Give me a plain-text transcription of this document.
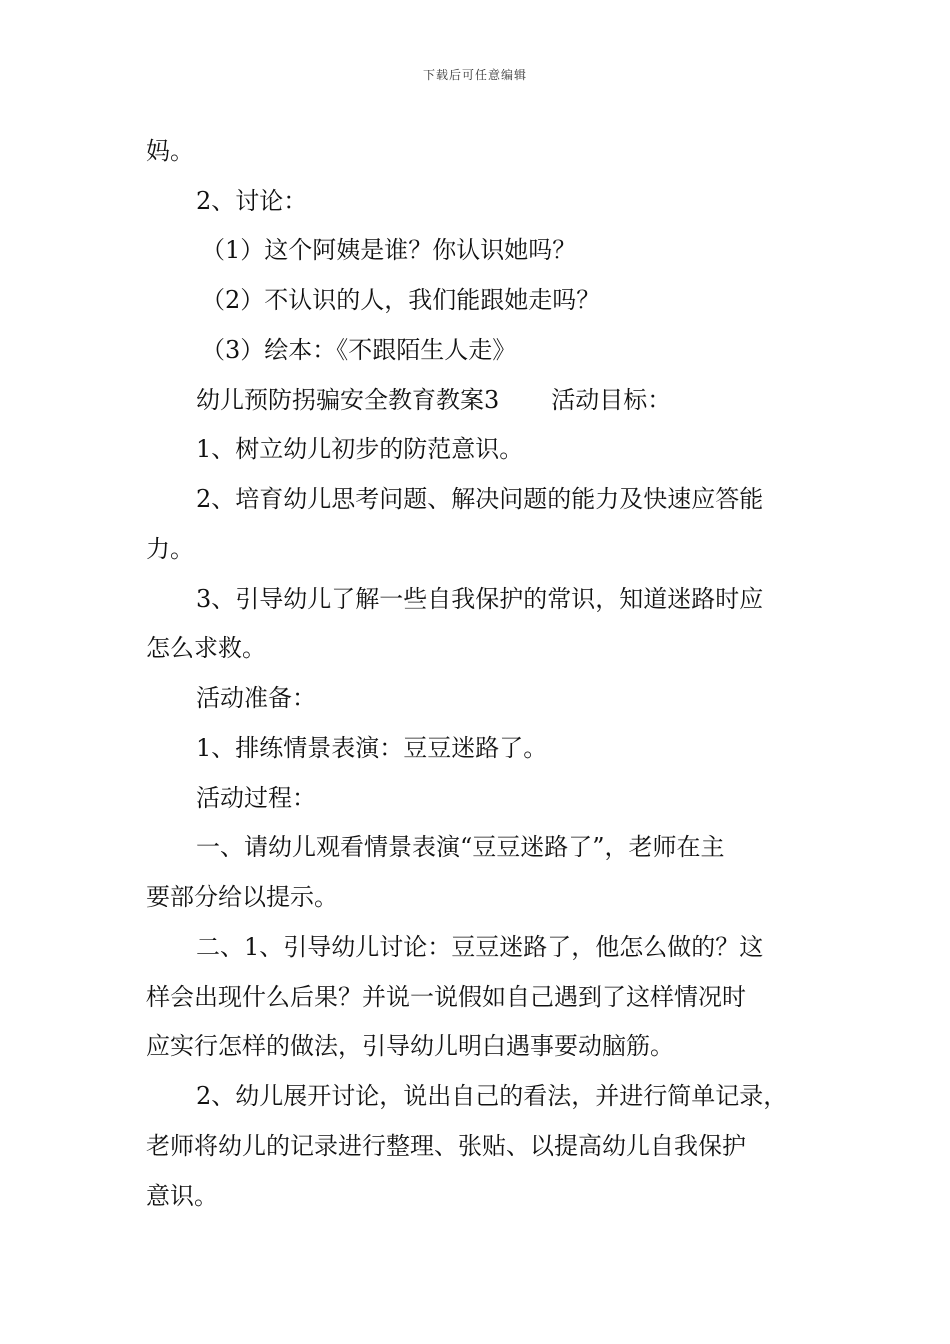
下载后可任意编辑
妈。
2、讨论：
（1）这个阿姨是谁？你认识她吗？
（2）不认识的人，我们能跟她走吗？
（3）绘本：《不跟陌生人走》
幼儿预防拐骗安全教育教案3 活动目标：
1、树立幼儿初步的防范意识。
2、培育幼儿思考问题、解决问题的能力及快速应答能
力。
3、引导幼儿了解一些自我保护的常识，知道迷路时应
怎么求救。
活动准备：
1、排练情景表演：豆豆迷路了。
活动过程：
一、请幼儿观看情景表演“豆豆迷路了”，老师在主
要部分给以提示。
二、1、引导幼儿讨论：豆豆迷路了，他怎么做的？这
样会出现什么后果？并说一说假如自己遇到了这样情况时
应实行怎样的做法，引导幼儿明白遇事要动脑筋。
2、幼儿展开讨论，说出自己的看法，并进行简单记录，
老师将幼儿的记录进行整理、张贴、以提高幼儿自我保护
意识。
